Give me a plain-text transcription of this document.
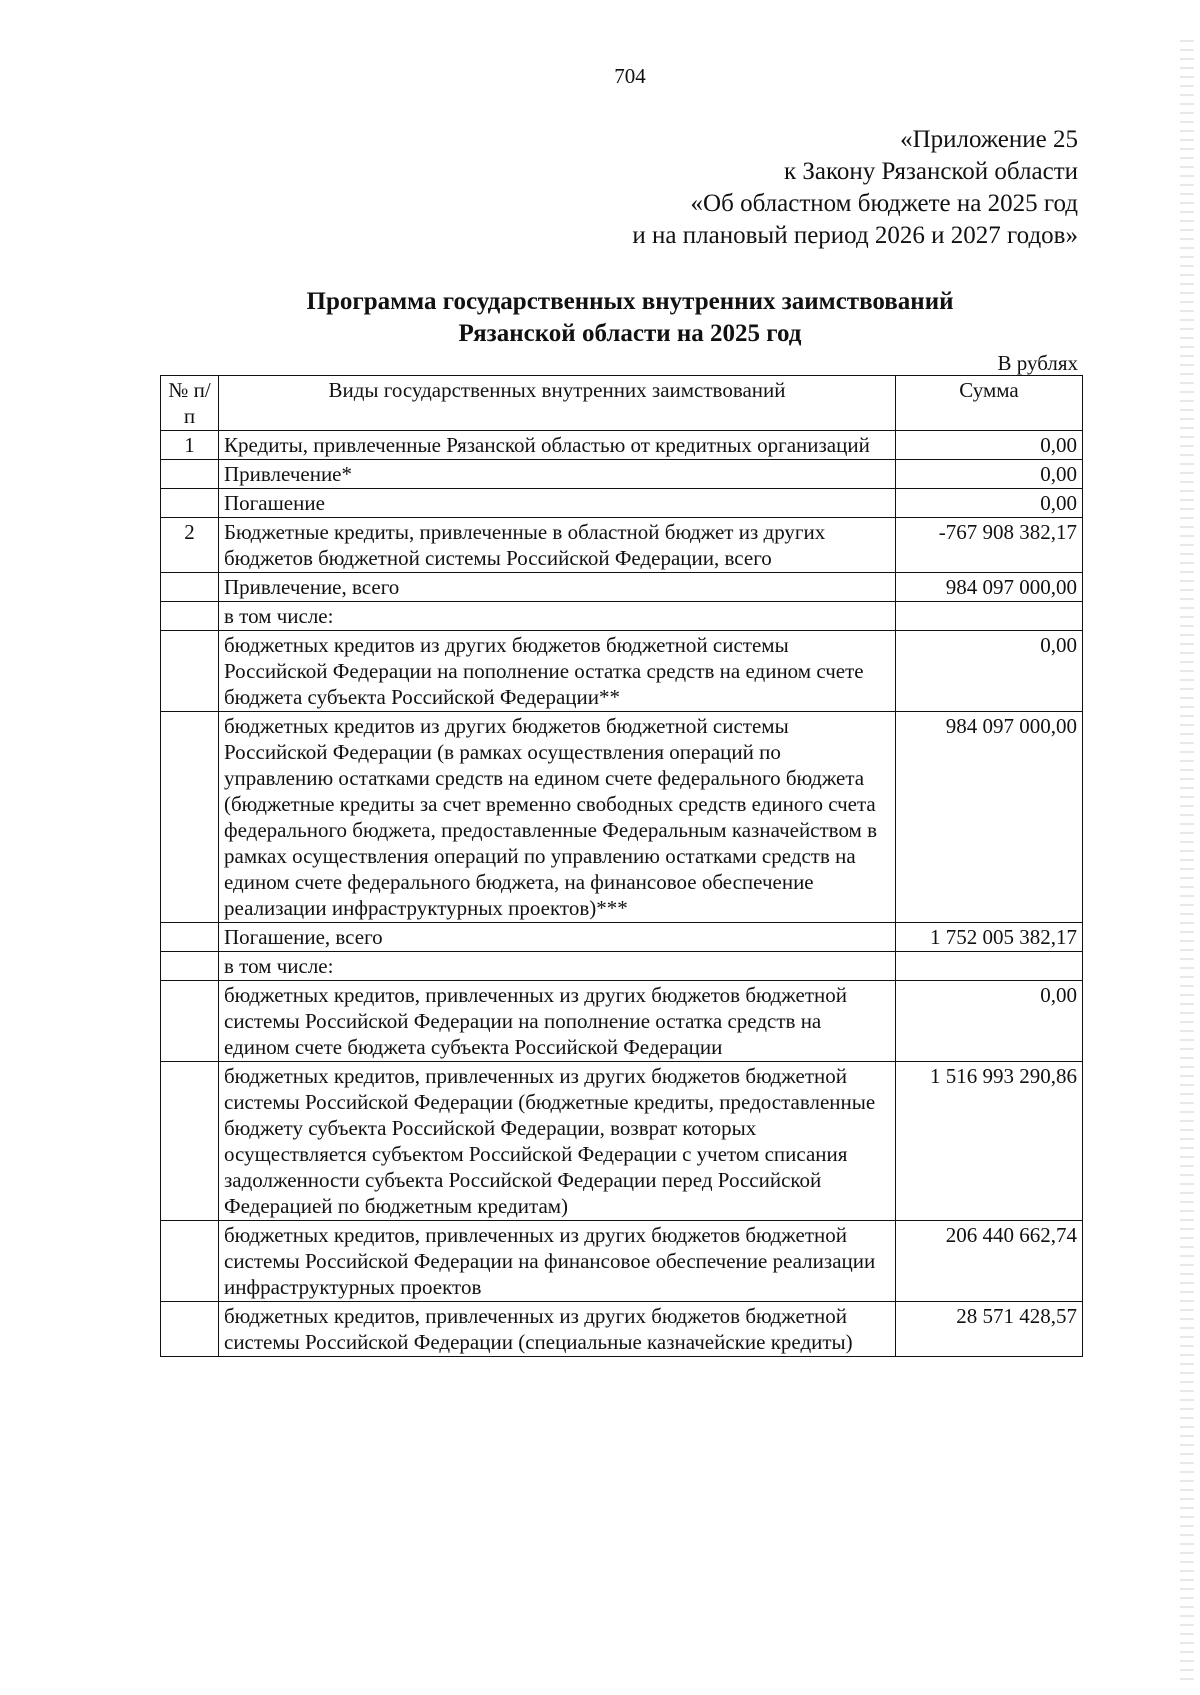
704
«Приложение 25
к Закону Рязанской области
«Об областном бюджете на 2025 год
и на плановый период 2026 и 2027 годов»
Программа государственных внутренних заимствований
Рязанской области на 2025 год
В рублях
№ п/п	Виды государственных внутренних заимствований	Сумма
1	Кредиты, привлеченные Рязанской областью от кредитных организаций	0,00
	Привлечение*	0,00
	Погашение	0,00
2	Бюджетные кредиты, привлеченные в областной бюджет из других бюджетов бюджетной системы Российской Федерации, всего	-767 908 382,17
	Привлечение, всего	984 097 000,00
	в том числе:	
	бюджетных кредитов из других бюджетов бюджетной системы Российской Федерации на пополнение остатка средств на едином счете бюджета субъекта Российской Федерации**	0,00
	бюджетных кредитов из других бюджетов бюджетной системы Российской Федерации (в рамках осуществления операций по управлению остатками средств на едином счете федерального бюджета (бюджетные кредиты за счет временно свободных средств единого счета федерального бюджета, предоставленные Федеральным казначейством в рамках осуществления операций по управлению остатками средств на едином счете федерального бюджета, на финансовое обеспечение реализации инфраструктурных проектов)***	984 097 000,00
	Погашение, всего	1 752 005 382,17
	в том числе:	
	бюджетных кредитов, привлеченных из других бюджетов бюджетной системы Российской Федерации на пополнение остатка средств на едином счете бюджета субъекта Российской Федерации	0,00
	бюджетных кредитов, привлеченных из других бюджетов бюджетной системы Российской Федерации (бюджетные кредиты, предоставленные бюджету субъекта Российской Федерации, возврат которых осуществляется субъектом Российской Федерации с учетом списания задолженности субъекта Российской Федерации перед Российской Федерацией по бюджетным кредитам)	1 516 993 290,86
	бюджетных кредитов, привлеченных из других бюджетов бюджетной системы Российской Федерации на финансовое обеспечение реализации инфраструктурных проектов	206 440 662,74
	бюджетных кредитов, привлеченных из других бюджетов бюджетной системы Российской Федерации (специальные казначейские кредиты)	28 571 428,57
